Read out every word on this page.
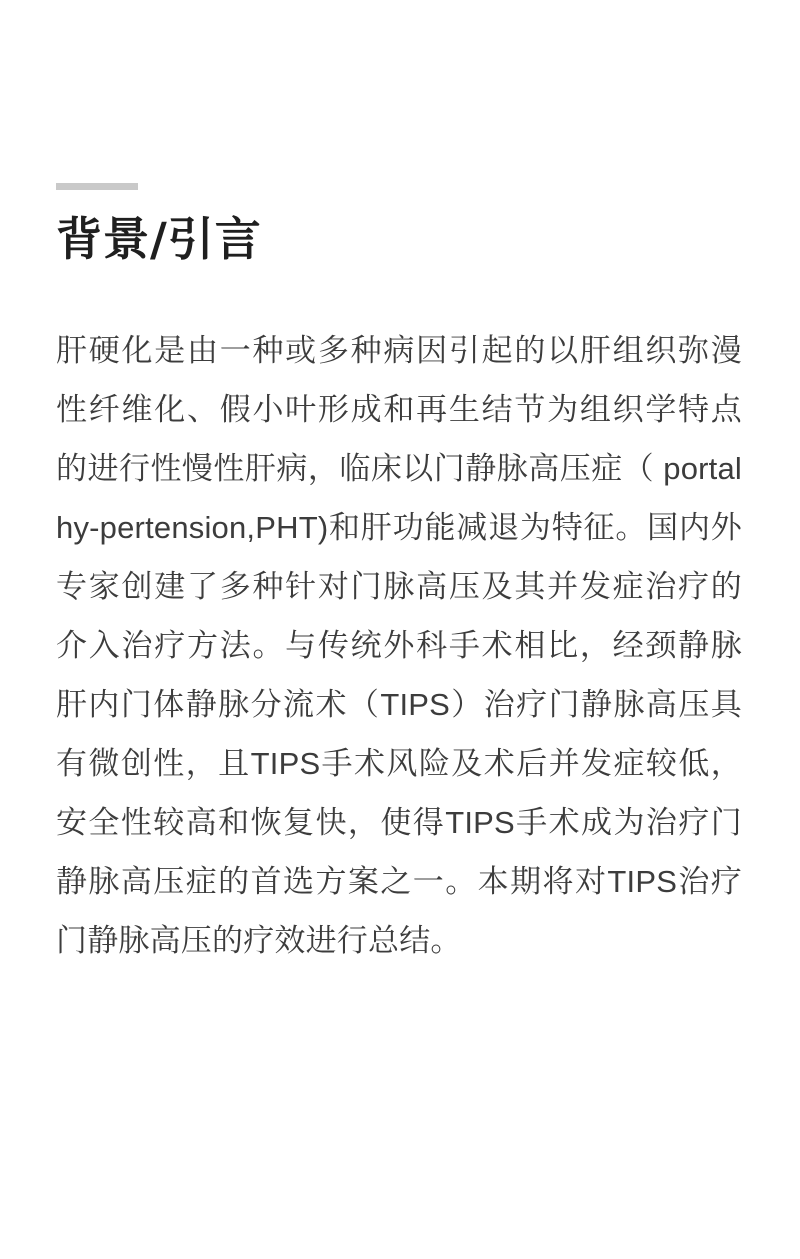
背景/引言

肝硬化是由一种或多种病因引起的以肝组织弥漫性纤维化、假小叶形成和再生结节为组织学特点的进行性慢性肝病，临床以门静脉高压症（ portal hy-pertension,PHT)和肝功能减退为特征。国内外专家创建了多种针对门脉高压及其并发症治疗的介入治疗方法。与传统外科手术相比，经颈静脉肝内门体静脉分流术（TIPS）治疗门静脉高压具有微创性，且TIPS手术风险及术后并发症较低，安全性较高和恢复快，使得TIPS手术成为治疗门静脉高压症的首选方案之一。本期将对TIPS治疗门静脉高压的疗效进行总结。
